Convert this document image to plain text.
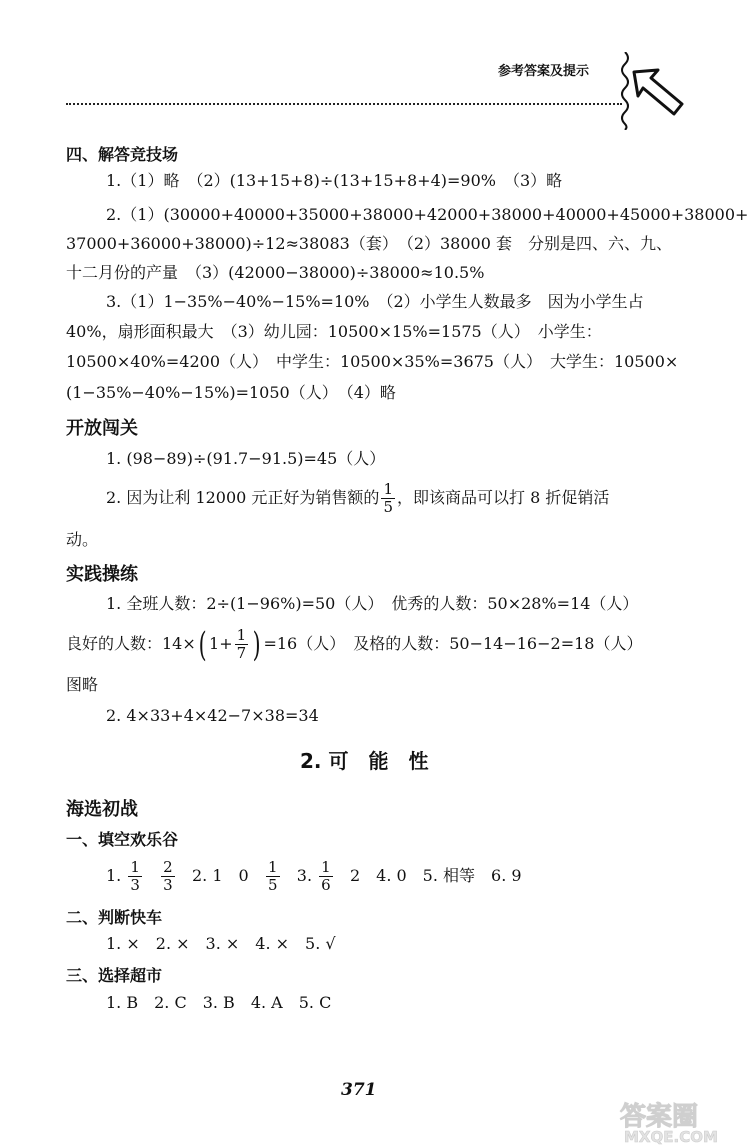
参考答案及提示
四、解答竞技场
1.（1）略　（2）(13+15+8)÷(13+15+8+4)=90%　（3）略
2.（1）(30000+40000+35000+38000+42000+38000+40000+45000+38000+
37000+36000+38000)÷12≈38083（套）　（2）38000 套　分别是四、六、九、
十二月份的产量　（3）(42000−38000)÷38000≈10.5%
3.（1）1−35%−40%−15%=10%　（2）小学生人数最多　因为小学生占
40%，扇形面积最大　（3）幼儿园：10500×15%=1575（人）　小学生：
10500×40%=4200（人）　中学生：10500×35%=3675（人）　大学生：10500×
(1−35%−40%−15%)=1050（人）　（4）略
开放闯关
1. (98−89)÷(91.7−91.5)=45（人）
2. 因为让利 12000 元正好为销售额的 $\frac{1}{5}$ ，即该商品可以打 8 折促销活
动。
实践操练
1. 全班人数：2÷(1−96%)=50（人）　优秀的人数：50×28%=14（人）
良好的人数：14×( $1+ \frac{1}{7}$ ) =16（人）　及格的人数：50−14−16−2=18（人）
图略
2. 4×33+4×42−7×38=34
2. 可　能　性
海选初战
一、填空欢乐谷
1. $\frac{1}{3}$
$\frac{2}{3} 2$. 1　$0 \frac{1}{5} 3$. $\frac{1}{6} 2$　4. 0　5. 相等　6. 9
二、判断快车
1. ×　2. ×　3. ×　4. ×　5. √
三、选择超市
1. B　2. C　3. B　4. A　5. C
371
答案圈
MXQE.COM
